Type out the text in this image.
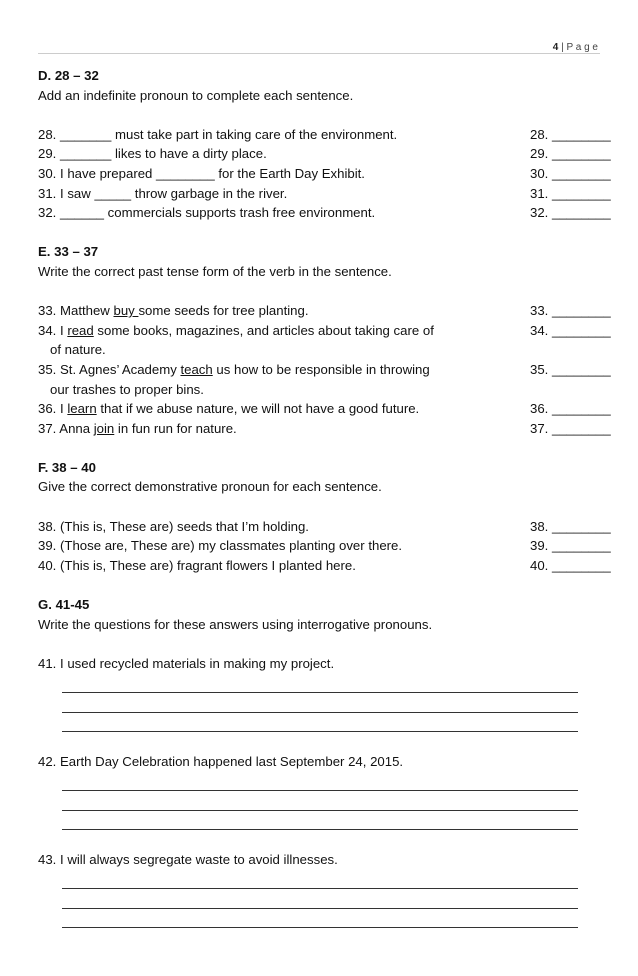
4 | P a g e
D. 28 – 32
Add an indefinite pronoun to complete each sentence.
28. _______ must take part in taking care of the environment.	28. ________
29. _______ likes to have a dirty place.	29. ________
30. I have prepared ________ for the Earth Day Exhibit.	30. ________
31. I saw _____ throw garbage in the river.	31. ________
32. ______ commercials supports trash free environment.	32. ________
E. 33 – 37
Write the correct past tense form of the verb in the sentence.
33. Matthew buy some seeds for tree planting.	33. ________
34. I read some books, magazines, and articles about taking care of	34. ________
of nature.
35. St. Agnes’ Academy teach us how to be responsible in throwing	35. ________
our trashes to proper bins.
36. I learn that if we abuse nature, we will not have a good future.	36. ________
37. Anna join in fun run for nature.	37. ________
F. 38 – 40
Give the correct demonstrative pronoun for each sentence.
38. (This is, These are) seeds that I’m holding.	38. ________
39. (Those are, These are) my classmates planting over there.	39. ________
40. (This is, These are) fragrant flowers I planted here.	40. ________
G. 41-45
Write the questions for these answers using interrogative pronouns.
41. I used recycled materials in making my project.
42. Earth Day Celebration happened last September 24, 2015.
43. I will always segregate waste to avoid illnesses.
